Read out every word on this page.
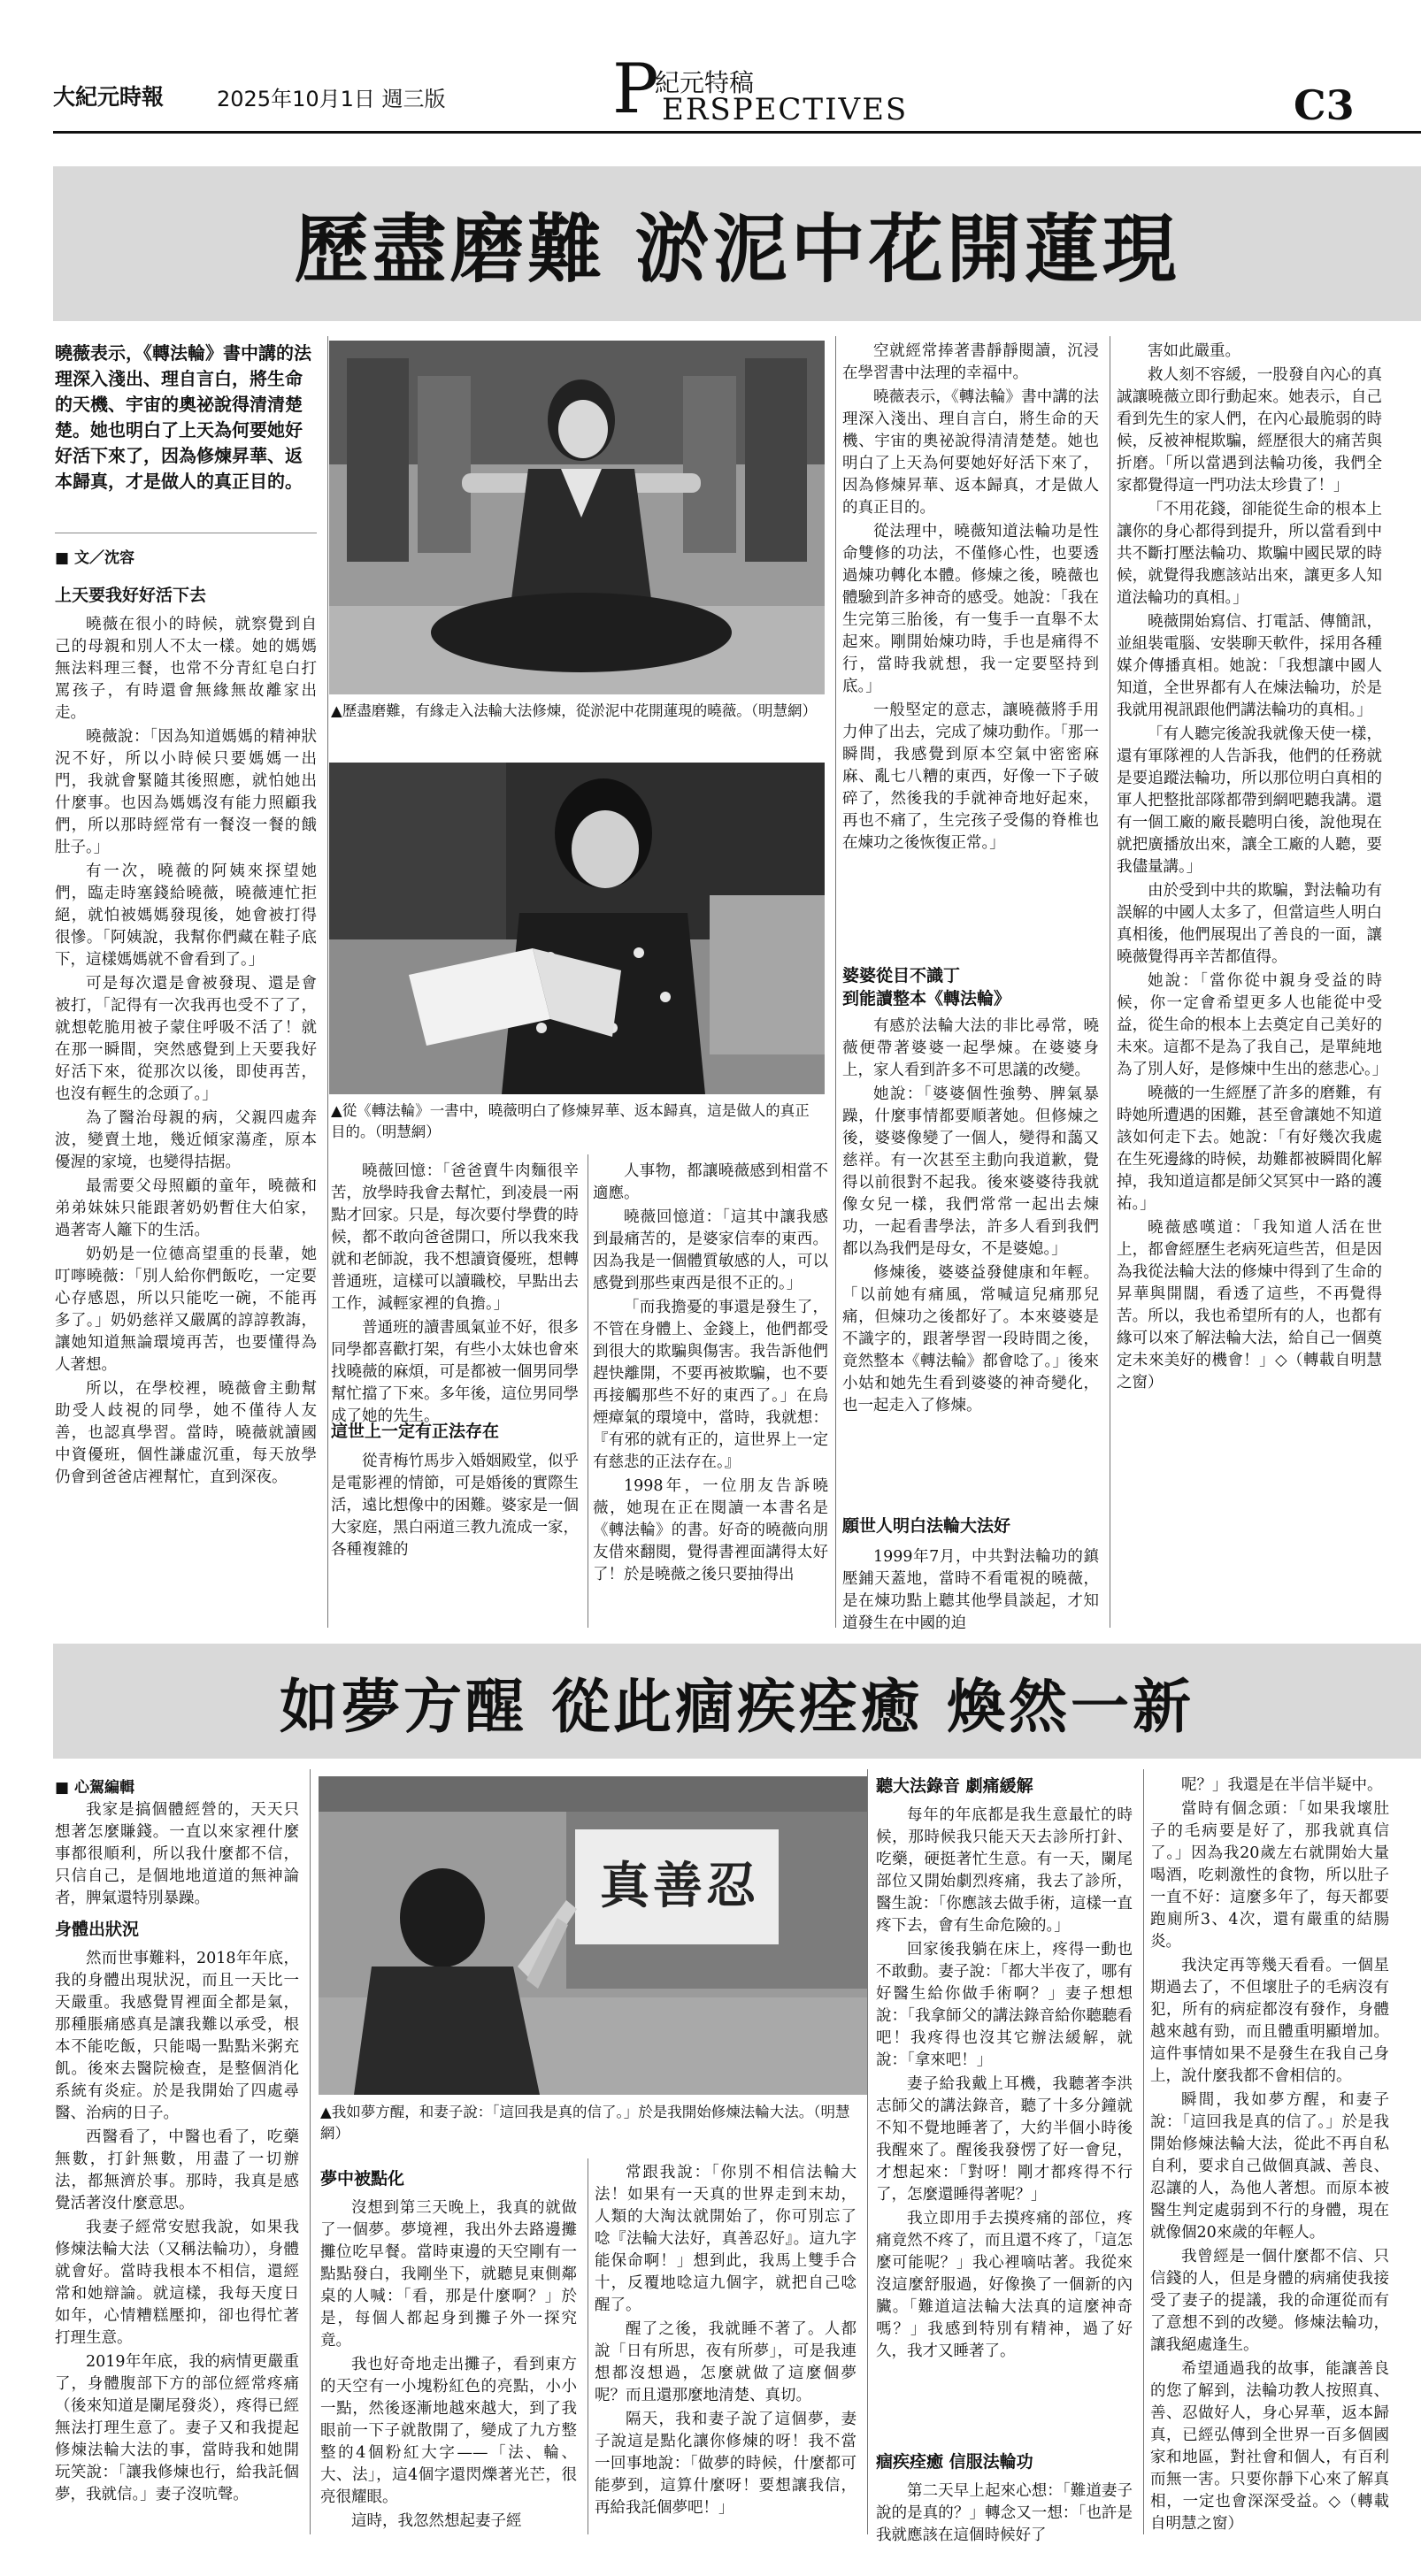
大紀元時報 2025年10月1日 週三版 P
紀元特稿
ERSPECTIVES	C3
歷盡磨難 淤泥中花開蓮現
曉薇表示，《轉法輪》書中講的法理深入淺出、理自言白，將生命的天機、宇宙的奧祕說得清清楚楚。她也明白了上天為何要她好好活下來了，因為修煉昇華、返本歸真，才是做人的真正目的。
■ 文／沈容
上天要我好好活下去

曉薇在很小的時候，就察覺到自己的母親和別人不太一樣。她的媽媽無法料理三餐，也常不分青紅皂白打罵孩子，有時還會無緣無故離家出走。

曉薇說：「因為知道媽媽的精神狀況不好，所以小時候只要媽媽一出門，我就會緊隨其後照應，就怕她出什麼事。也因為媽媽沒有能力照顧我們，所以那時經常有一餐沒一餐的餓肚子。」

有一次，曉薇的阿姨來探望她們，臨走時塞錢給曉薇，曉薇連忙拒絕，就怕被媽媽發現後，她會被打得很慘。「阿姨說，我幫你們藏在鞋子底下，這樣媽媽就不會看到了。」

可是每次還是會被發現、還是會被打，「記得有一次我再也受不了了，就想乾脆用被子蒙住呼吸不活了！就在那一瞬間，突然感覺到上天要我好好活下來，從那次以後，即使再苦，也沒有輕生的念頭了。」

為了醫治母親的病，父親四處奔波，變賣土地，幾近傾家蕩產，原本優渥的家境，也變得拮据。

最需要父母照顧的童年，曉薇和弟弟妹妹只能跟著奶奶暫住大伯家，過著寄人籬下的生活。

奶奶是一位德高望重的長輩，她叮嚀曉薇：「別人給你們飯吃，一定要心存感恩，所以只能吃一碗，不能再多了。」奶奶慈祥又嚴厲的諄諄教誨，讓她知道無論環境再苦，也要懂得為人著想。

所以，在學校裡，曉薇會主動幫助受人歧視的同學，她不僅待人友善，也認真學習。當時，曉薇就讀國中資優班，個性謙虛沉重，每天放學仍會到爸爸店裡幫忙，直到深夜。

▲歷盡磨難，有緣走入法輪大法修煉，從淤泥中花開蓮現的曉薇。（明慧網）
▲從《轉法輪》一書中，曉薇明白了修煉昇華、返本歸真，這是做人的真正目的。（明慧網）

曉薇回憶：「爸爸賣牛肉麵很辛苦，放學時我會去幫忙，到凌晨一兩點才回家。只是，每次要付學費的時候，都不敢向爸爸開口，所以我來我就和老師說，我不想讀資優班，想轉普通班，這樣可以讀職校，早點出去工作，減輕家裡的負擔。」

普通班的讀書風氣並不好，很多同學都喜歡打架，有些小太妹也會來找曉薇的麻煩，可是都被一個男同學幫忙擋了下來。多年後，這位男同學成了她的先生。

這世上一定有正法存在

從青梅竹馬步入婚姻殿堂，似乎是電影裡的情節，可是婚後的實際生活，遠比想像中的困難。婆家是一個大家庭，黑白兩道三教九流成一家，各種複雜的

人事物，都讓曉薇感到相當不適應。

曉薇回憶道：「這其中讓我感到最痛苦的，是婆家信奉的東西。因為我是一個體質敏感的人，可以感覺到那些東西是很不正的。」

「而我擔憂的事還是發生了，不管在身體上、金錢上，他們都受到很大的欺騙與傷害。我告訴他們趕快離開，不要再被欺騙，也不要再接觸那些不好的東西了。」在烏煙瘴氣的環境中，當時，我就想：『有邪的就有正的，這世界上一定有慈悲的正法存在。』

1998年，一位朋友告訴曉薇，她現在正在閱讀一本書名是《轉法輪》的書。好奇的曉薇向朋友借來翻閱，覺得書裡面講得太好了！於是曉薇之後只要抽得出

空就經常捧著書靜靜閱讀，沉浸在學習書中法理的幸福中。

曉薇表示，《轉法輪》書中講的法理深入淺出、理自言白，將生命的天機、宇宙的奧祕說得清清楚楚。她也明白了上天為何要她好好活下來了，因為修煉昇華、返本歸真，才是做人的真正目的。

從法理中，曉薇知道法輪功是性命雙修的功法，不僅修心性，也要透過煉功轉化本體。修煉之後，曉薇也體驗到許多神奇的感受。她說：「我在生完第三胎後，有一隻手一直舉不太起來。剛開始煉功時，手也是痛得不行，當時我就想，我一定要堅持到底。」

一般堅定的意志，讓曉薇將手用力伸了出去，完成了煉功動作。「那一瞬間，我感覺到原本空氣中密密麻麻、亂七八糟的東西，好像一下子破碎了，然後我的手就神奇地好起來，再也不痛了，生完孩子受傷的脊椎也在煉功之後恢復正常。」

婆婆從目不識丁
到能讀整本《轉法輪》

有感於法輪大法的非比尋常，曉薇便帶著婆婆一起學煉。在婆婆身上，家人看到許多不可思議的改變。

她說：「婆婆個性強勢、脾氣暴躁，什麼事情都要順著她。但修煉之後，婆婆像變了一個人，變得和藹又慈祥。有一次甚至主動向我道歉，覺得以前很對不起我。後來婆婆待我就像女兒一樣，我們常常一起出去煉功，一起看書學法，許多人看到我們都以為我們是母女，不是婆媳。」

修煉後，婆婆益發健康和年輕。「以前她有痛風，常喊這兒痛那兒痛，但煉功之後都好了。本來婆婆是不識字的，跟著學習一段時間之後，竟然整本《轉法輪》都會唸了。」後來小姑和她先生看到婆婆的神奇變化，也一起走入了修煉。

願世人明白法輪大法好

1999年7月，中共對法輪功的鎮壓鋪天蓋地，當時不看電視的曉薇，是在煉功點上聽其他學員談起，才知道發生在中國的迫

害如此嚴重。

救人刻不容緩，一股發自內心的真誠讓曉薇立即行動起來。她表示，自己看到先生的家人們，在內心最脆弱的時候，反被神棍欺騙，經歷很大的痛苦與折磨。「所以當遇到法輪功後，我們全家都覺得這一門功法太珍貴了！」

「不用花錢，卻能從生命的根本上讓你的身心都得到提升，所以當看到中共不斷打壓法輪功、欺騙中國民眾的時候，就覺得我應該站出來，讓更多人知道法輪功的真相。」

曉薇開始寫信、打電話、傳簡訊，並組裝電腦、安裝聊天軟件，採用各種媒介傳播真相。她說：「我想讓中國人知道，全世界都有人在煉法輪功，於是我就用視訊跟他們講法輪功的真相。」

「有人聽完後說我就像天使一樣，還有軍隊裡的人告訴我，他們的任務就是要追蹤法輪功，所以那位明白真相的軍人把整批部隊都帶到網吧聽我講。還有一個工廠的廠長聽明白後，說他現在就把廣播放出來，讓全工廠的人聽，要我儘量講。」

由於受到中共的欺騙，對法輪功有誤解的中國人太多了，但當這些人明白真相後，他們展現出了善良的一面，讓曉薇覺得再辛苦都值得。

她說：「當你從中親身受益的時候，你一定會希望更多人也能從中受益，從生命的根本上去奠定自己美好的未來。這都不是為了我自己，是單純地為了別人好，是修煉中生出的慈悲心。」

曉薇的一生經歷了許多的磨難，有時她所遭遇的困難，甚至會讓她不知道該如何走下去。她說：「有好幾次我處在生死邊緣的時候，劫難都被瞬間化解掉，我知道這都是師父冥冥中一路的護祐。」

曉薇感嘆道：「我知道人活在世上，都會經歷生老病死這些苦，但是因為我從法輪大法的修煉中得到了生命的昇華與開闊，看透了這些，不再覺得苦。所以，我也希望所有的人，也都有緣可以來了解法輪大法，給自己一個奠定未來美好的機會！」◇（轉載自明慧之窗）

如夢方醒 從此痼疾痊癒 煥然一新
■ 心駕編輯

我家是搞個體經營的，天天只想著怎麼賺錢。一直以來家裡什麼事都很順利，所以我什麼都不信，只信自己，是個地地道道的無神論者，脾氣還特別暴躁。

身體出狀況

然而世事難料，2018年年底，我的身體出現狀況，而且一天比一天嚴重。我感覺胃裡面全都是氣，那種脹痛感真是讓我難以承受，根本不能吃飯，只能喝一點點米粥充飢。後來去醫院檢查，是整個消化系統有炎症。於是我開始了四處尋醫、治病的日子。

西醫看了，中醫也看了，吃藥無數，打針無數，用盡了一切辦法，都無濟於事。那時，我真是感覺活著沒什麼意思。

我妻子經常安慰我說，如果我修煉法輪大法（又稱法輪功），身體就會好。當時我根本不相信，還經常和她辯論。就這樣，我每天度日如年，心情糟糕壓抑，卻也得忙著打理生意。

2019年年底，我的病情更嚴重了，身體腹部下方的部位經常疼痛（後來知道是闌尾發炎），疼得已經無法打理生意了。妻子又和我提起修煉法輪大法的事，當時我和她開玩笑說：「讓我修煉也行，給我託個夢，我就信。」妻子沒吭聲。

真善忍
▲我如夢方醒，和妻子說：「這回我是真的信了。」於是我開始修煉法輪大法。（明慧網）
夢中被點化

沒想到第三天晚上，我真的就做了一個夢。夢境裡，我出外去路邊攤攤位吃早餐。當時東邊的天空剛有一點點發白，我剛坐下，就聽見東側鄰桌的人喊：「看，那是什麼啊？」於是，每個人都起身到攤子外一探究竟。

我也好奇地走出攤子，看到東方的天空有一小塊粉紅色的亮點，小小一點，然後逐漸地越來越大，到了我眼前一下子就散開了，變成了九方整整的4個粉紅大字——「法、輪、大、法」，這4個字還閃爍著光芒，很亮很耀眼。

這時，我忽然想起妻子經

常跟我說：「你別不相信法輪大法！如果有一天真的世界走到末劫，人類的大淘汰就開始了，你可別忘了唸『法輪大法好，真善忍好』。這九字能保命啊！」想到此，我馬上雙手合十，反覆地唸這九個字，就把自己唸醒了。

醒了之後，我就睡不著了。人都說「日有所思，夜有所夢」，可是我連想都沒想過，怎麼就做了這麼個夢呢？而且還那麼地清楚、真切。

隔天，我和妻子說了這個夢，妻子說這是點化讓你修煉的呀！我不當一回事地說：「做夢的時候，什麼都可能夢到，這算什麼呀！要想讓我信，再給我託個夢吧！」

聽大法錄音 劇痛緩解

每年的年底都是我生意最忙的時候，那時候我只能天天去診所打針、吃藥，硬挺著忙生意。有一天，闌尾部位又開始劇烈疼痛，我去了診所，醫生說：「你應該去做手術，這樣一直疼下去，會有生命危險的。」

回家後我躺在床上，疼得一動也不敢動。妻子說：「都大半夜了，哪有好醫生給你做手術啊？」妻子想想說：「我拿師父的講法錄音給你聽聽看吧！我疼得也沒其它辦法緩解，就說：「拿來吧！」

妻子給我戴上耳機，我聽著李洪志師父的講法錄音，聽了十多分鐘就不知不覺地睡著了，大約半個小時後我醒來了。醒後我發愣了好一會兒，才想起來：「對呀！剛才都疼得不行了，怎麼還睡得著呢？」

我立即用手去摸疼痛的部位，疼痛竟然不疼了，而且還不疼了，「這怎麼可能呢？」我心裡嘀咕著。我從來沒這麼舒服過，好像換了一個新的內臟。「難道這法輪大法真的這麼神奇嗎？」我感到特別有精神，過了好久，我才又睡著了。

痼疾痊癒 信服法輪功

第二天早上起來心想：「難道妻子說的是真的？」轉念又一想：「也許是我就應該在這個時候好了

呢？」我還是在半信半疑中。

當時有個念頭：「如果我壞肚子的毛病要是好了，那我就真信了。」因為我20歲左右就開始大量喝酒，吃刺激性的食物，所以肚子一直不好：這麼多年了，每天都要跑廁所3、4次，還有嚴重的結腸炎。

我決定再等幾天看看。一個星期過去了，不但壞肚子的毛病沒有犯，所有的病症都沒有發作，身體越來越有勁，而且體重明顯增加。這件事情如果不是發生在我自己身上，說什麼我都不會相信的。

瞬間，我如夢方醒，和妻子說：「這回我是真的信了。」於是我開始修煉法輪大法，從此不再自私自利，要求自己做個真誠、善良、忍讓的人，為他人著想。而原本被醫生判定處弱到不行的身體，現在就像個20來歲的年輕人。

我曾經是一個什麼都不信、只信錢的人，但是身體的病痛使我接受了妻子的提議，我的命運從而有了意想不到的改變。修煉法輪功，讓我絕處逢生。

希望通過我的故事，能讓善良的您了解到，法輪功教人按照真、善、忍做好人，身心昇華，返本歸真，已經弘傳到全世界一百多個國家和地區，對社會和個人，有百利而無一害。只要你靜下心來了解真相，一定也會深深受益。◇（轉載自明慧之窗）
